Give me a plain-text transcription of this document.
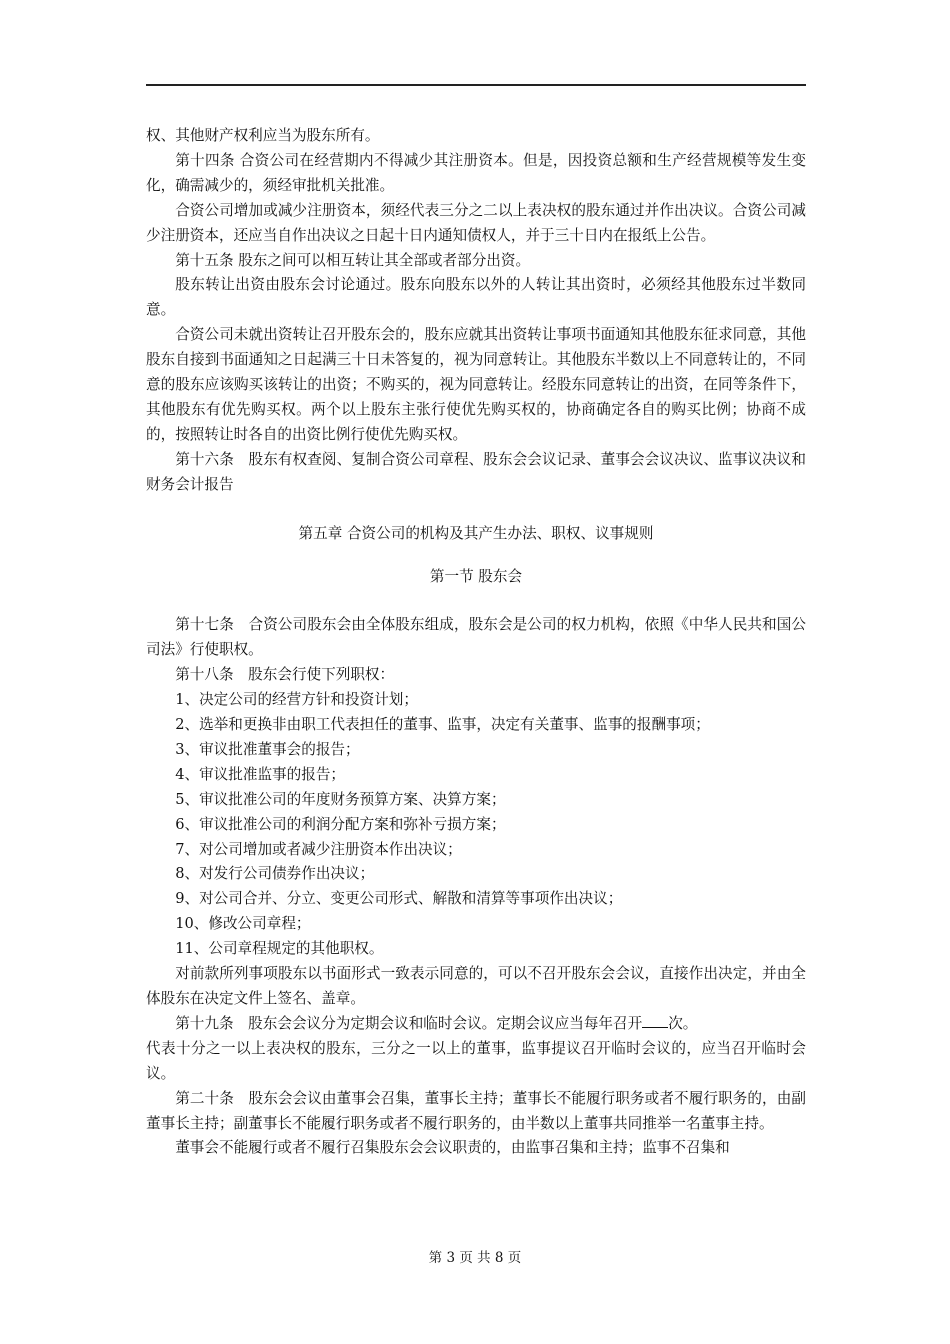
权、其他财产权利应当为股东所有。

第十四条 合资公司在经营期内不得减少其注册资本。但是，因投资总额和生产经营规模等发生变化，确需减少的，须经审批机关批准。

合资公司增加或减少注册资本，须经代表三分之二以上表决权的股东通过并作出决议。合资公司减少注册资本，还应当自作出决议之日起十日内通知债权人，并于三十日内在报纸上公告。

第十五条 股东之间可以相互转让其全部或者部分出资。

股东转让出资由股东会讨论通过。股东向股东以外的人转让其出资时，必须经其他股东过半数同意。

合资公司未就出资转让召开股东会的，股东应就其出资转让事项书面通知其他股东征求同意，其他股东自接到书面通知之日起满三十日未答复的，视为同意转让。其他股东半数以上不同意转让的，不同意的股东应该购买该转让的出资；不购买的，视为同意转让。经股东同意转让的出资，在同等条件下，其他股东有优先购买权。两个以上股东主张行使优先购买权的，协商确定各自的购买比例；协商不成的，按照转让时各自的出资比例行使优先购买权。

第十六条　股东有权查阅、复制合资公司章程、股东会会议记录、董事会会议决议、监事议决议和财务会计报告

第五章 合资公司的机构及其产生办法、职权、议事规则

第一节 股东会

第十七条　合资公司股东会由全体股东组成，股东会是公司的权力机构，依照《中华人民共和国公司法》行使职权。

第十八条　股东会行使下列职权：

1、决定公司的经营方针和投资计划；

2、选举和更换非由职工代表担任的董事、监事，决定有关董事、监事的报酬事项；

3、审议批准董事会的报告；

4、审议批准监事的报告；

5、审议批准公司的年度财务预算方案、决算方案；

6、审议批准公司的利润分配方案和弥补亏损方案；

7、对公司增加或者减少注册资本作出决议；

8、对发行公司债券作出决议；

9、对公司合并、分立、变更公司形式、解散和清算等事项作出决议；

10、修改公司章程；

11、公司章程规定的其他职权。

对前款所列事项股东以书面形式一致表示同意的，可以不召开股东会会议，直接作出决定，并由全体股东在决定文件上签名、盖章。

第十九条　股东会会议分为定期会议和临时会议。定期会议应当每年召开 次。

代表十分之一以上表决权的股东，三分之一以上的董事，监事提议召开临时会议的，应当召开临时会议。

第二十条　股东会会议由董事会召集，董事长主持；董事长不能履行职务或者不履行职务的，由副董事长主持；副董事长不能履行职务或者不履行职务的，由半数以上董事共同推举一名董事主持。

董事会不能履行或者不履行召集股东会会议职责的，由监事召集和主持；监事不召集和

第 3 页 共 8 页
